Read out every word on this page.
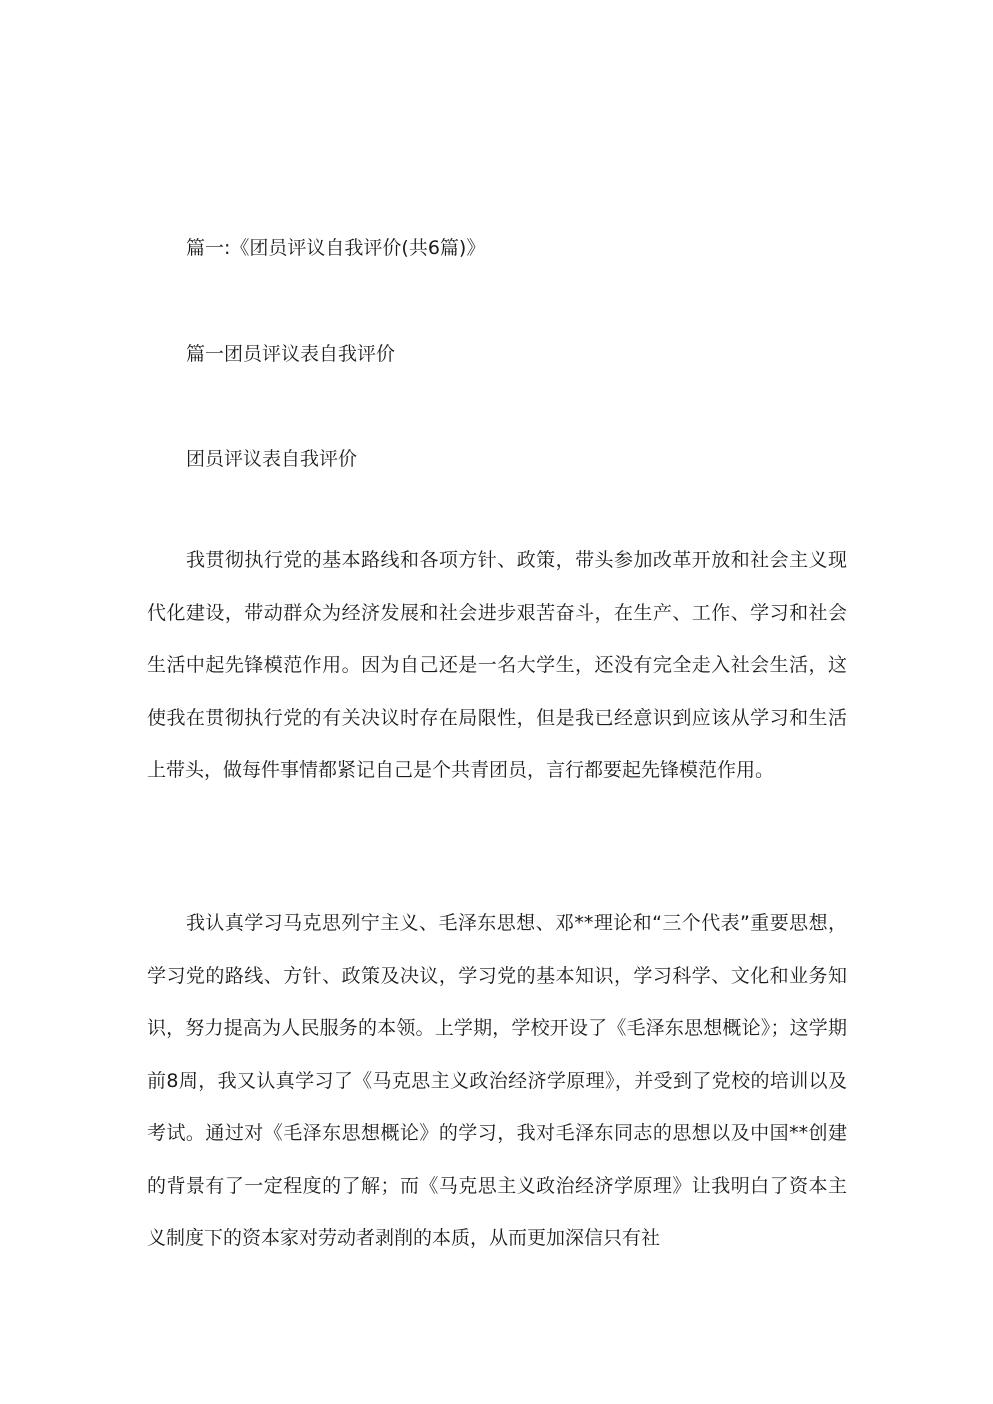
篇一:《团员评议自我评价(共6篇)》
篇一团员评议表自我评价
团员评议表自我评价

我贯彻执行党的基本路线和各项方针、政策，带头参加改革开放和社会主义现代化建设，带动群众为经济发展和社会进步艰苦奋斗，在生产、工作、学习和社会生活中起先锋模范作用。因为自己还是一名大学生，还没有完全走入社会生活，这使我在贯彻执行党的有关决议时存在局限性，但是我已经意识到应该从学习和生活上带头，做每件事情都紧记自己是个共青团员，言行都要起先锋模范作用。

我认真学习马克思列宁主义、毛泽东思想、邓**理论和“三个代表”重要思想，学习党的路线、方针、政策及决议，学习党的基本知识，学习科学、文化和业务知识，努力提高为人民服务的本领。上学期，学校开设了《毛泽东思想概论》；这学期前8周，我又认真学习了《马克思主义政治经济学原理》，并受到了党校的培训以及考试。通过对《毛泽东思想概论》的学习，我对毛泽东同志的思想以及中国**创建的背景有了一定程度的了解；而《马克思主义政治经济学原理》让我明白了资本主义制度下的资本家对劳动者剥削的本质，从而更加深信只有社
